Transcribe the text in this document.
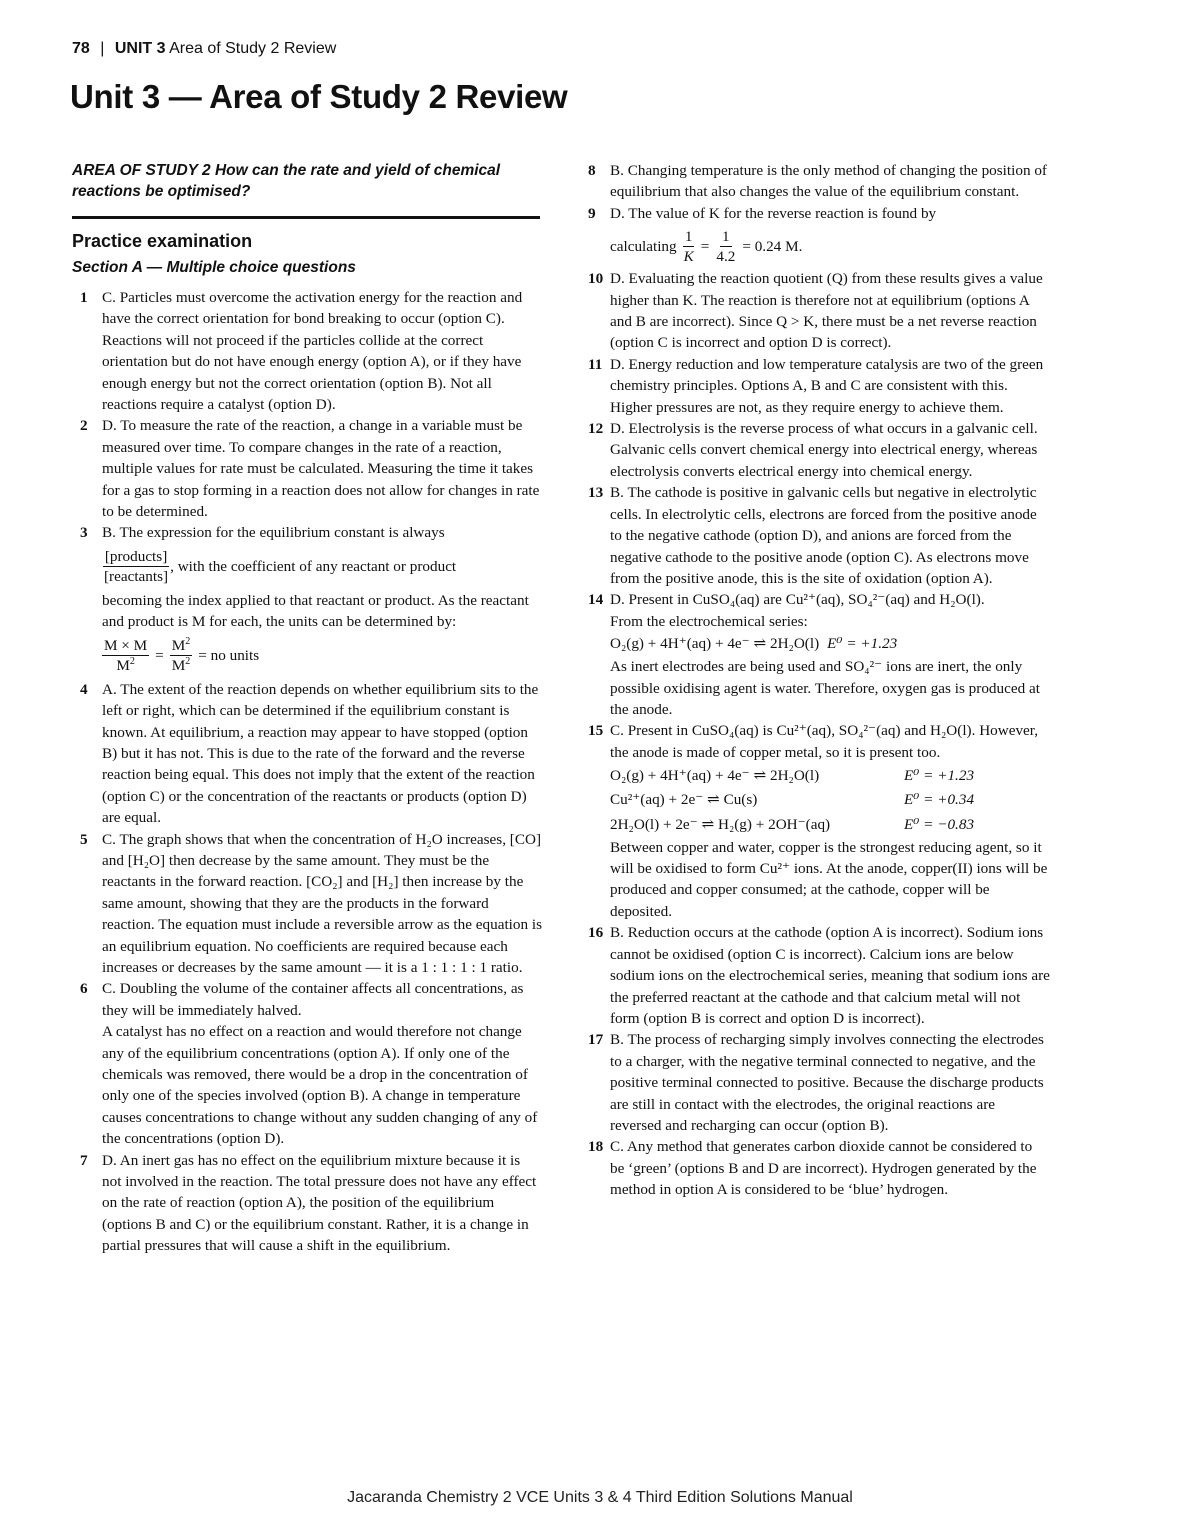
78 | UNIT 3 Area of Study 2 Review
Unit 3 — Area of Study 2 Review
AREA OF STUDY 2 How can the rate and yield of chemical reactions be optimised?
Practice examination
Section A — Multiple choice questions
1 C. Particles must overcome the activation energy for the reaction and have the correct orientation for bond breaking to occur (option C).

Reactions will not proceed if the particles collide at the correct orientation but do not have enough energy (option A), or if they have enough energy but not the correct orientation (option B). Not all reactions require a catalyst (option D).

2 D. To measure the rate of the reaction, a change in a variable must be measured over time. To compare changes in the rate of a reaction, multiple values for rate must be calculated. Measuring the time it takes for a gas to stop forming in a reaction does not allow for changes in rate to be determined.

3 B. The expression for the equilibrium constant is always

$\frac{\text{[products]}}{\text{[reactants]}}$ , with the coefficient of any reactant or product

becoming the index applied to that reactant or product. As the reactant and product is M for each, the units can be determined by:

$\frac{M \times M}{M^2} = \frac{M^2}{M^2}$ = no units
4 A. The extent of the reaction depends on whether equilibrium sits to the left or right, which can be determined if the equilibrium constant is known. At equilibrium, a reaction may appear to have stopped (option B) but it has not. This is due to the rate of the forward and the reverse reaction being equal. This does not imply that the extent of the reaction (option C) or the concentration of the reactants or products (option D) are equal.

5 C. The graph shows that when the concentration of H₂O increases, [CO] and [H₂O] then decrease by the same amount. They must be the reactants in the forward reaction. [CO₂] and [H₂] then increase by the same amount, showing that they are the products in the forward reaction. The equation must include a reversible arrow as the equation is an equilibrium equation. No coefficients are required because each increases or decreases by the same amount — it is a 1 : 1 : 1 : 1 ratio.

6 C. Doubling the volume of the container affects all concentrations, as they will be immediately halved.

A catalyst has no effect on a reaction and would therefore not change any of the equilibrium concentrations (option A). If only one of the chemicals was removed, there would be a drop in the concentration of only one of the species involved (option B). A change in temperature causes concentrations to change without any sudden changing of any of the concentrations (option D).

7 D. An inert gas has no effect on the equilibrium mixture because it is not involved in the reaction. The total pressure does not have any effect on the rate of reaction (option A), the position of the equilibrium (options B and C) or the equilibrium constant. Rather, it is a change in partial pressures that will cause a shift in the equilibrium.

8 B. Changing temperature is the only method of changing the position of equilibrium that also changes the value of the equilibrium constant.

9 D. The value of K for the reverse reaction is found by

calculating $\frac{1}{K} = \frac{1}{4.2} = 0.24$ M.
10 D. Evaluating the reaction quotient (Q) from these results gives a value higher than K. The reaction is therefore not at equilibrium (options A and B are incorrect). Since Q > K, there must be a net reverse reaction (option C is incorrect and option D is correct).

11 D. Energy reduction and low temperature catalysis are two of the green chemistry principles. Options A, B and C are consistent with this. Higher pressures are not, as they require energy to achieve them.

12 D. Electrolysis is the reverse process of what occurs in a galvanic cell. Galvanic cells convert chemical energy into electrical energy, whereas electrolysis converts electrical energy into chemical energy.

13 B. The cathode is positive in galvanic cells but negative in electrolytic cells. In electrolytic cells, electrons are forced from the positive anode to the negative cathode (option D), and anions are forced from the negative cathode to the positive anode (option C). As electrons move from the positive anode, this is the site of oxidation (option A).

14 D. Present in CuSO₄(aq) are Cu²⁺(aq), SO₄²⁻(aq) and H₂O(l).

From the electrochemical series:

O₂(g) + 4H⁺(aq) + 4e⁻ ⇌ 2H₂O(l) E⁰ = +1.23

As inert electrodes are being used and SO₄²⁻ ions are inert, the only possible oxidising agent is water. Therefore, oxygen gas is produced at the anode.

15 C. Present in CuSO₄(aq) is Cu²⁺(aq), SO₄²⁻(aq) and H₂O(l). However, the anode is made of copper metal, so it is present too.

O₂(g) + 4H⁺(aq) + 4e⁻ ⇌ 2H₂O(l)	E⁰ = +1.23
Cu²⁺(aq) + 2e⁻ ⇌ Cu(s)	E⁰ = +0.34
2H₂O(l) + 2e⁻ ⇌ H₂(g) + 2OH⁻(aq)	E⁰ = −0.83

Between copper and water, copper is the strongest reducing agent, so it will be oxidised to form Cu²⁺ ions. At the anode, copper(II) ions will be produced and copper consumed; at the cathode, copper will be deposited.

16 B. Reduction occurs at the cathode (option A is incorrect). Sodium ions cannot be oxidised (option C is incorrect). Calcium ions are below sodium ions on the electrochemical series, meaning that sodium ions are the preferred reactant at the cathode and that calcium metal will not form (option B is correct and option D is incorrect).

17 B. The process of recharging simply involves connecting the electrodes to a charger, with the negative terminal connected to negative, and the positive terminal connected to positive. Because the discharge products are still in contact with the electrodes, the original reactions are reversed and recharging can occur (option B).

18 C. Any method that generates carbon dioxide cannot be considered to be ‘green’ (options B and D are incorrect). Hydrogen generated by the method in option A is considered to be ‘blue’ hydrogen.

Jacaranda Chemistry 2 VCE Units 3 & 4 Third Edition Solutions Manual
